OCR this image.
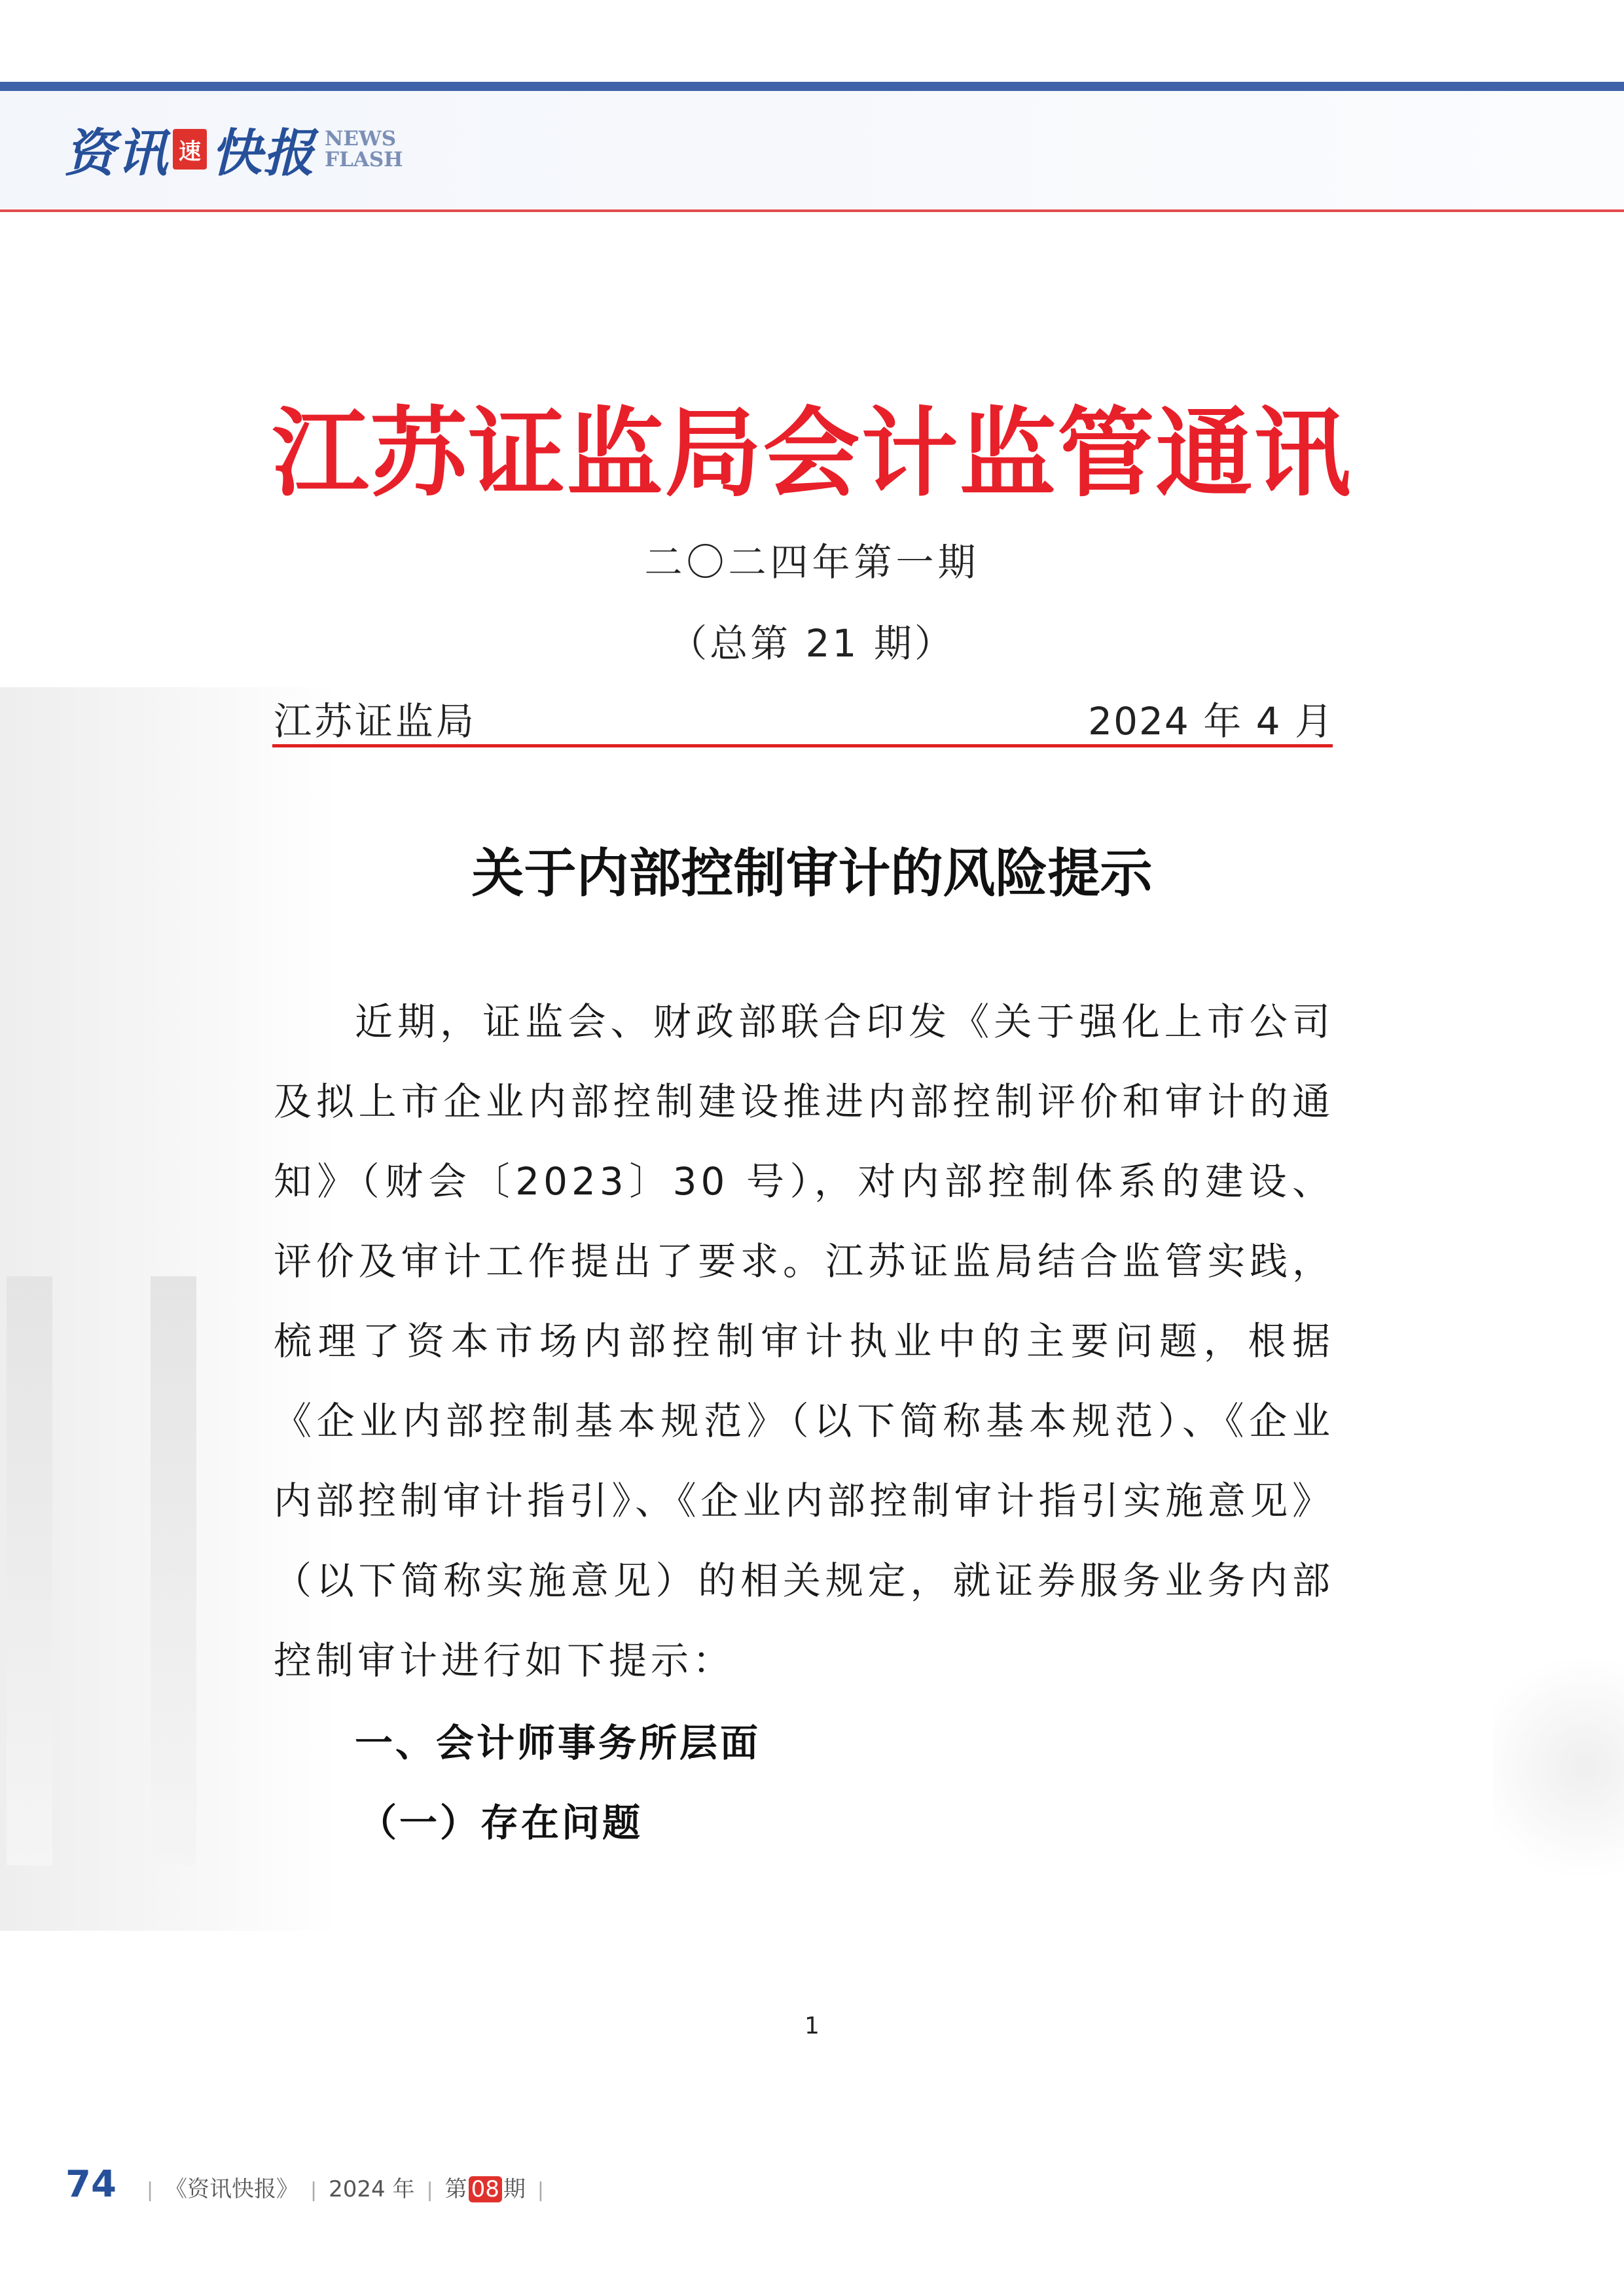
资讯 速 快报 NEWS
FLASH
江苏证监局会计监管通讯
二〇二四年第一期
（总第 21 期）
江苏证监局	2024 年 4 月
关于内部控制审计的风险提示

近期，证监会、财政部联合印发《关于强化上市公司及拟上市企业内部控制建设推进内部控制评价和审计的通知》（财会〔2023〕30 号），对内部控制体系的建设、评价及审计工作提出了要求。江苏证监局结合监管实践，梳理了资本市场内部控制审计执业中的主要问题，根据《企业内部控制基本规范》（以下简称基本规范）、《企业内部控制审计指引》、《企业内部控制审计指引实施意见》（以下简称实施意见）的相关规定，就证券服务业务内部控制审计进行如下提示：

一、会计师事务所层面
（一）存在问题
1
74 | 《资讯快报》 | 2024 年 | 第 08 期 |
